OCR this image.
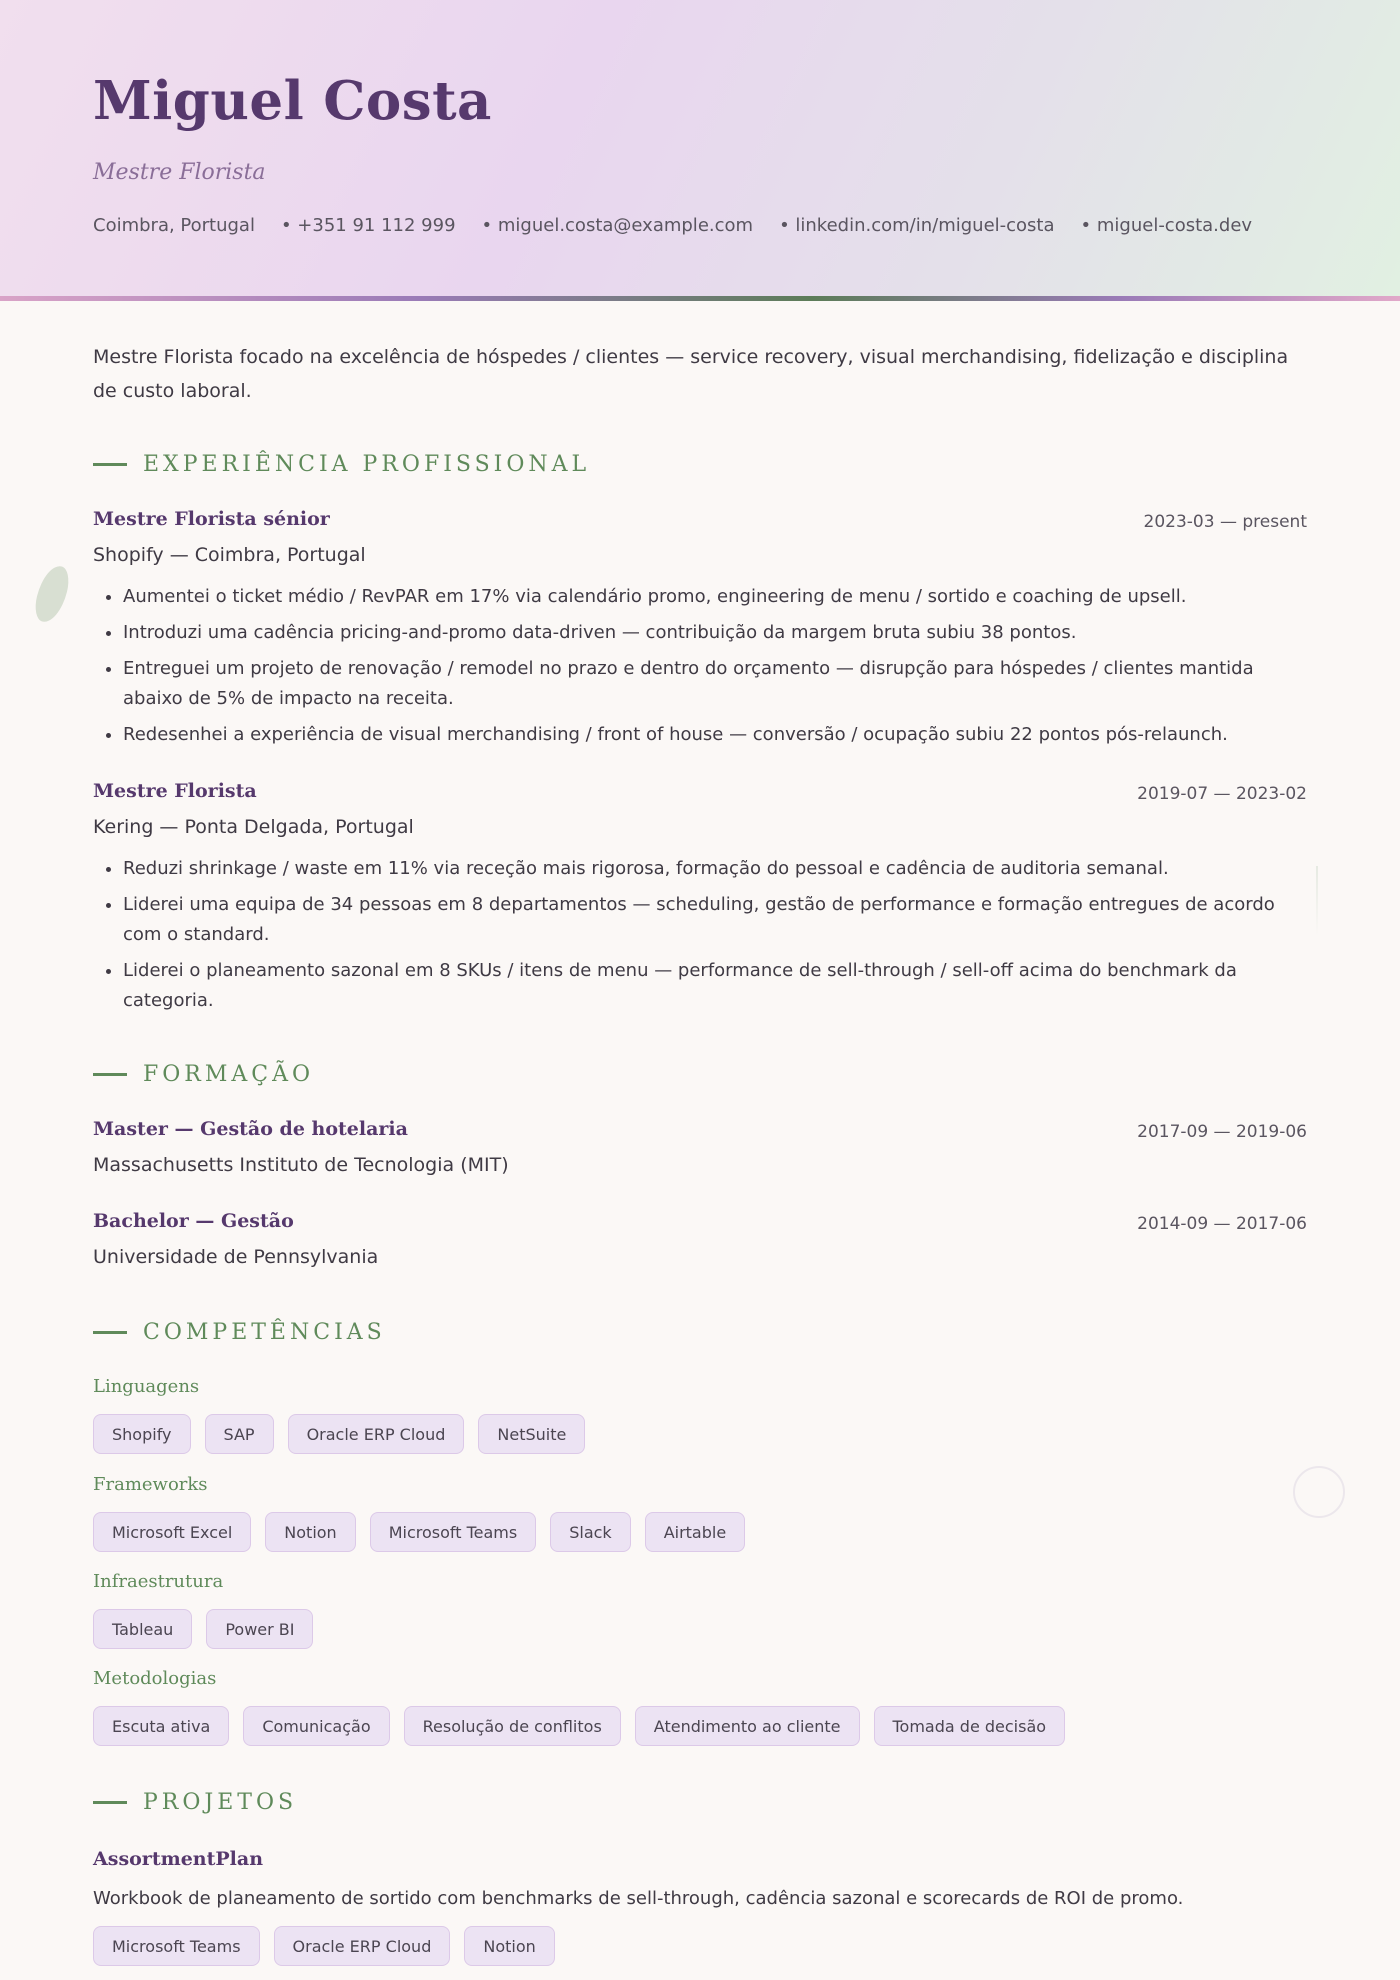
Miguel Costa
Mestre Florista
Coimbra, Portugal • +351 91 112 999 • miguel.costa@example.com • linkedin.com/in/miguel-costa • miguel-costa.dev

Mestre Florista focado na excelência de hóspedes / clientes — service recovery, visual merchandising, fidelização e disciplina de custo laboral.

EXPERIÊNCIA PROFISSIONAL
Mestre Florista sénior	2023-03 — present
Shopify — Coimbra, Portugal
• Aumentei o ticket médio / RevPAR em 17% via calendário promo, engineering de menu / sortido e coaching de upsell.
• Introduzi uma cadência pricing-and-promo data-driven — contribuição da margem bruta subiu 38 pontos.
• Entreguei um projeto de renovação / remodel no prazo e dentro do orçamento — disrupção para hóspedes / clientes mantida abaixo de 5% de impacto na receita.
• Redesenhei a experiência de visual merchandising / front of house — conversão / ocupação subiu 22 pontos pós-relaunch.
Mestre Florista	2019-07 — 2023-02
Kering — Ponta Delgada, Portugal
• Reduzi shrinkage / waste em 11% via receção mais rigorosa, formação do pessoal e cadência de auditoria semanal.
• Liderei uma equipa de 34 pessoas em 8 departamentos — scheduling, gestão de performance e formação entregues de acordo com o standard.
• Liderei o planeamento sazonal em 8 SKUs / itens de menu — performance de sell-through / sell-off acima do benchmark da categoria.
FORMAÇÃO
Master — Gestão de hotelaria	2017-09 — 2019-06
Massachusetts Instituto de Tecnologia (MIT)
Bachelor — Gestão	2014-09 — 2017-06
Universidade de Pennsylvania
COMPETÊNCIAS
Linguagens
Shopify	SAP	Oracle ERP Cloud	NetSuite
Frameworks
Microsoft Excel	Notion	Microsoft Teams	Slack	Airtable
Infraestrutura
Tableau	Power BI
Metodologias
Escuta ativa	Comunicação	Resolução de conflitos	Atendimento ao cliente	Tomada de decisão
PROJETOS
AssortmentPlan
Workbook de planeamento de sortido com benchmarks de sell-through, cadência sazonal e scorecards de ROI de promo.
Microsoft Teams	Oracle ERP Cloud	Notion
